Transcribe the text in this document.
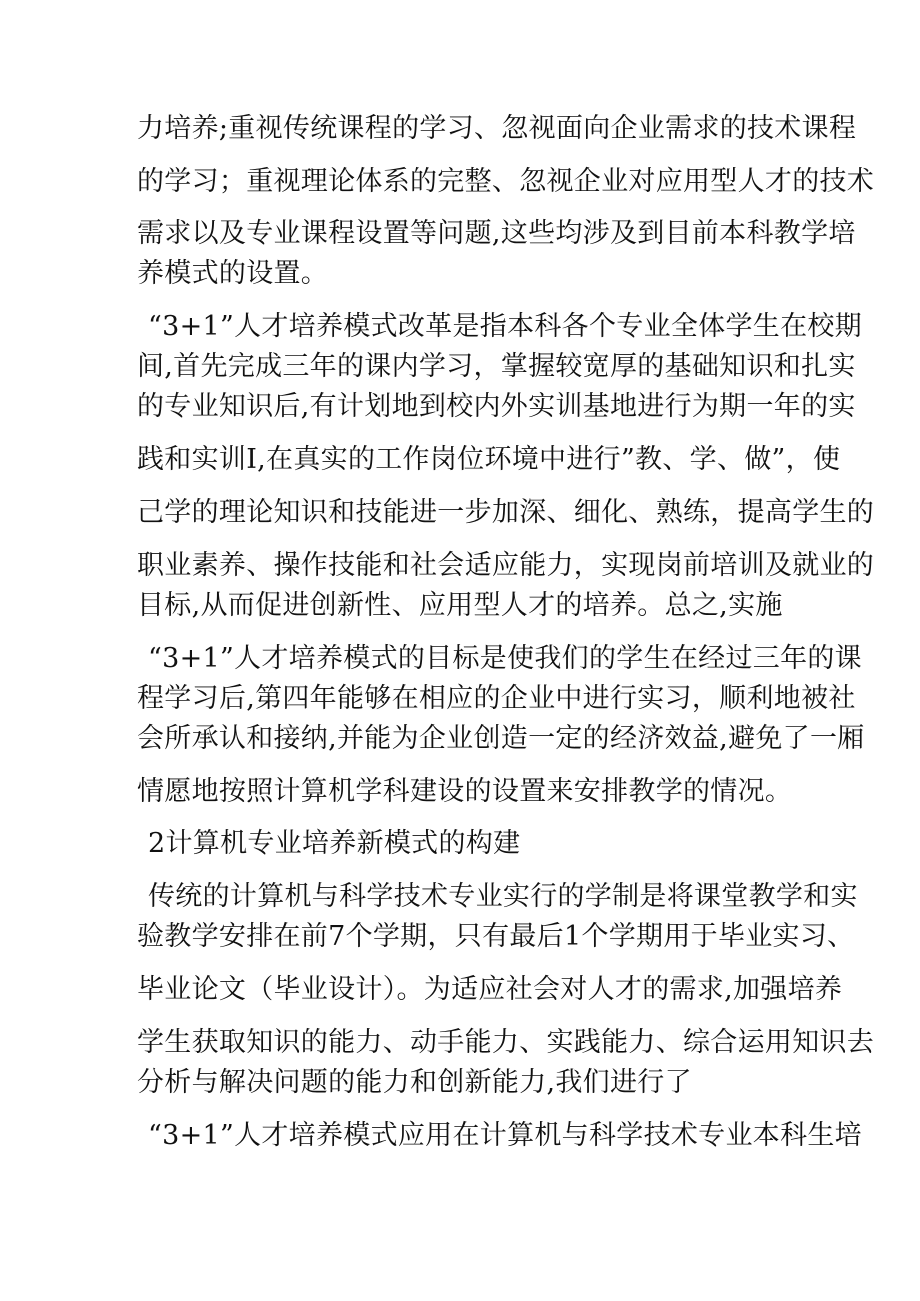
力培养;重视传统课程的学习、忽视面向企业需求的技术课程
的学习；重视理论体系的完整、忽视企业对应用型人才的技术
需求以及专业课程设置等问题,这些均涉及到目前本科教学培
养模式的设置。
“3+1”人才培养模式改革是指本科各个专业全体学生在校期
间,首先完成三年的课内学习，掌握较宽厚的基础知识和扎实
的专业知识后,有计划地到校内外实训基地进行为期一年的实
践和实训I,在真实的工作岗位环境中进行”教、学、做”，使
己学的理论知识和技能进一步加深、细化、熟练，提高学生的
职业素养、操作技能和社会适应能力，实现岗前培训及就业的
目标,从而促进创新性、应用型人才的培养。总之,实施
“3+1”人才培养模式的目标是使我们的学生在经过三年的课
程学习后,第四年能够在相应的企业中进行实习，顺利地被社
会所承认和接纳,并能为企业创造一定的经济效益,避免了一厢
情愿地按照计算机学科建设的设置来安排教学的情况。
2计算机专业培养新模式的构建
传统的计算机与科学技术专业实行的学制是将课堂教学和实
验教学安排在前7个学期，只有最后1个学期用于毕业实习、
毕业论文（毕业设计）。为适应社会对人才的需求,加强培养
学生获取知识的能力、动手能力、实践能力、综合运用知识去
分析与解决问题的能力和创新能力,我们进行了
“3+1”人才培养模式应用在计算机与科学技术专业本科生培
